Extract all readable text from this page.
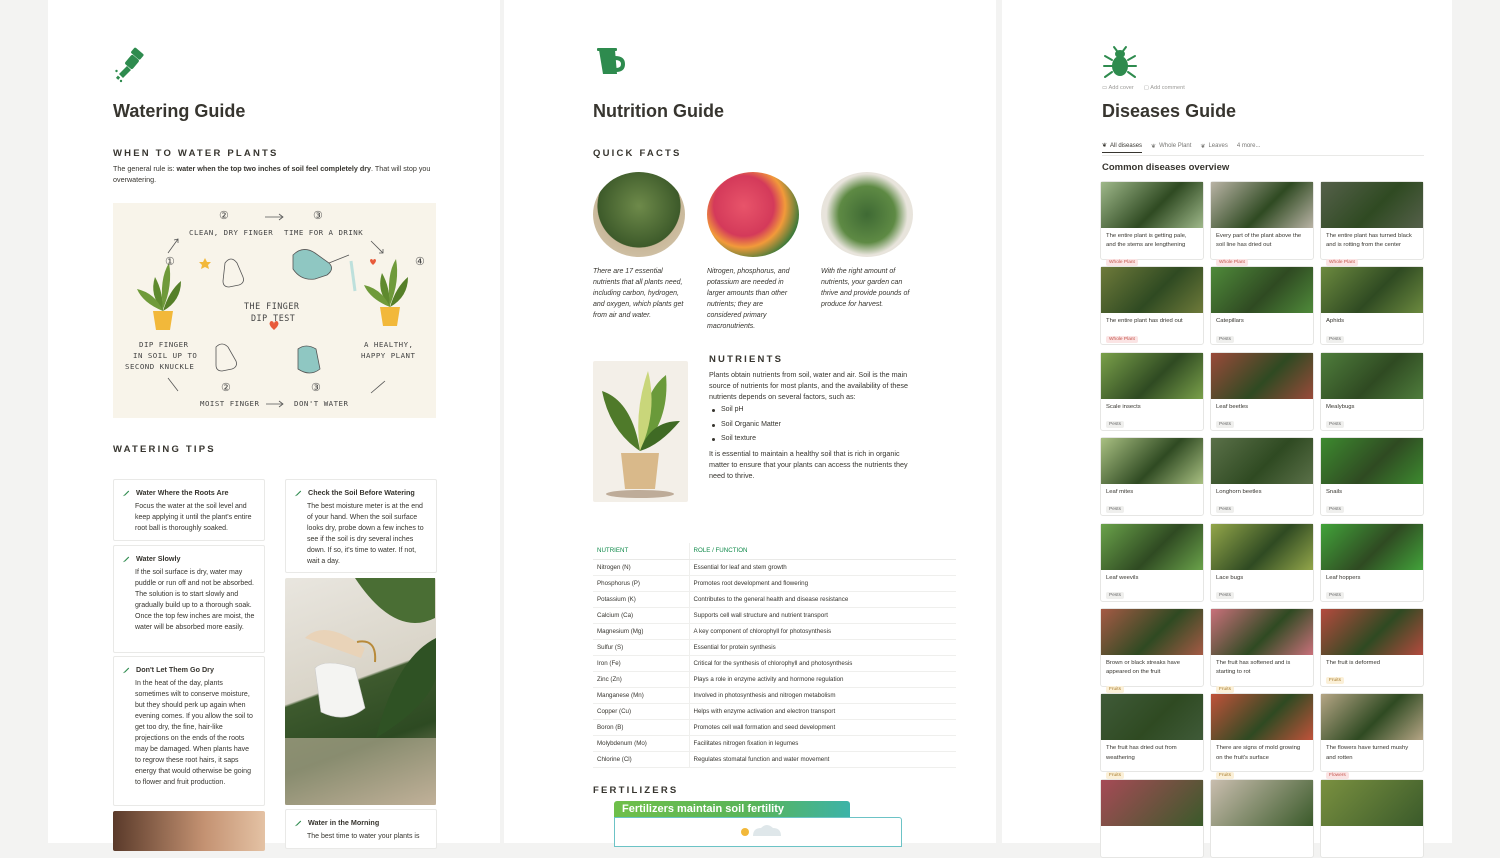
Watering Guide
WHEN TO WATER PLANTS
The general rule is: water when the top two inches of soil feel completely dry. That will stop you overwatering.
②	③
CLEAN, DRY FINGER TIME FOR A DRINK
①	④
THE FINGER
DIP TEST
DIP FINGER
IN SOIL UP TO
SECOND KNUCKLE
A HEALTHY,
HAPPY PLANT
②	③
MOIST FINGER	DON'T WATER
WATERING TIPS
Water Where the Roots Are
Focus the water at the soil level and keep applying it until the plant's entire root ball is thoroughly soaked.
Water Slowly
If the soil surface is dry, water may puddle or run off and not be absorbed. The solution is to start slowly and gradually build up to a thorough soak. Once the top few inches are moist, the water will be absorbed more easily.
Don't Let Them Go Dry
In the heat of the day, plants sometimes wilt to conserve moisture, but they should perk up again when evening comes. If you allow the soil to get too dry, the fine, hair-like projections on the ends of the roots may be damaged. When plants have to regrow these root hairs, it saps energy that would otherwise be going to flower and fruit production.
Check the Soil Before Watering
The best moisture meter is at the end of your hand. When the soil surface looks dry, probe down a few inches to see if the soil is dry several inches down. If so, it's time to water. If not, wait a day.
Water in the Morning
The best time to water your plants is
Nutrition Guide
QUICK FACTS
There are 17 essential nutrients that all plants need, including carbon, hydrogen, and oxygen, which plants get from air and water.
Nitrogen, phosphorus, and potassium are needed in larger amounts than other nutrients; they are considered primary macronutrients.
With the right amount of nutrients, your garden can thrive and provide pounds of produce for harvest.
NUTRIENTS
Plants obtain nutrients from soil, water and air. Soil is the main source of nutrients for most plants, and the availability of these nutrients depends on several factors, such as:
Soil pH
Soil Organic Matter
Soil texture
It is essential to maintain a healthy soil that is rich in organic matter to ensure that your plants can access the nutrients they need to thrive.
NUTRIENT	ROLE / FUNCTION
Nitrogen (N)	Essential for leaf and stem growth
Phosphorus (P)	Promotes root development and flowering
Potassium (K)	Contributes to the general health and disease resistance
Calcium (Ca)	Supports cell wall structure and nutrient transport
Magnesium (Mg)	A key component of chlorophyll for photosynthesis
Sulfur (S)	Essential for protein synthesis
Iron (Fe)	Critical for the synthesis of chlorophyll and photosynthesis
Zinc (Zn)	Plays a role in enzyme activity and hormone regulation
Manganese (Mn)	Involved in photosynthesis and nitrogen metabolism
Copper (Cu)	Helps with enzyme activation and electron transport
Boron (B)	Promotes cell wall formation and seed development
Molybdenum (Mo)	Facilitates nitrogen fixation in legumes
Chlorine (Cl)	Regulates stomatal function and water movement
FERTILIZERS
Fertilizers maintain soil fertility
▭ Add cover ▢ Add comment
Diseases Guide
❦ All diseases ❦ Whole Plant ❦ Leaves 4 more...
Common diseases overview
The entire plant is getting pale, and the stems are lengthening
Whole Plant
Every part of the plant above the soil line has dried out
Whole Plant
The entire plant has turned black and is rotting from the center
Whole Plant
The entire plant has dried out
Whole Plant
Catepillars
Pests
Aphids
Pests
Scale insects
Pests
Leaf beetles
Pests
Mealybugs
Pests
Leaf mites
Pests
Longhorn beetles
Pests
Snails
Pests
Leaf weevils
Pests
Lace bugs
Pests
Leaf hoppers
Pests
Brown or black streaks have appeared on the fruit
Fruits
The fruit has softened and is starting to rot
Fruits
The fruit is deformed
Fruits
The fruit has dried out from weathering
Fruits
There are signs of mold growing on the fruit's surface
Fruits
The flowers have turned mushy and rotten
Flowers
